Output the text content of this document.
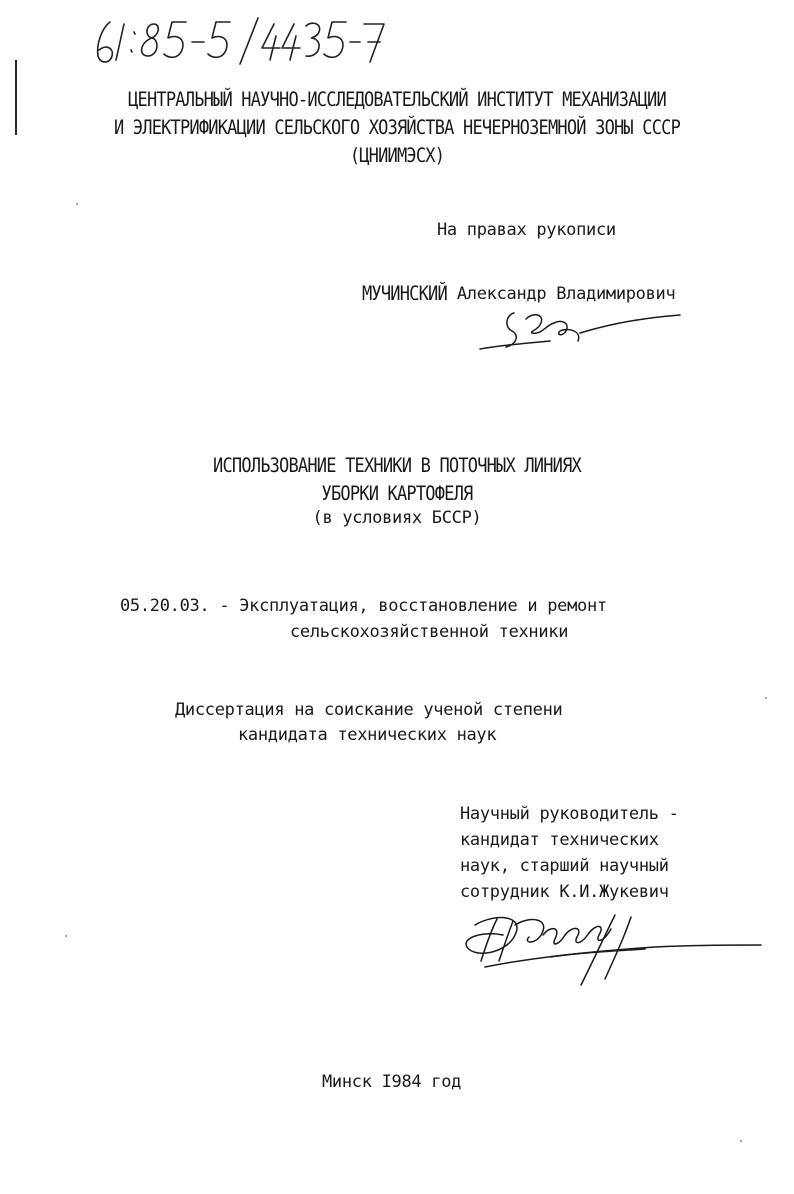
ЦЕНТРАЛЬНЫЙ НАУЧНО-ИССЛЕДОВАТЕЛЬСКИЙ ИНСТИТУТ МЕХАНИЗАЦИИ
И ЭЛЕКТРИФИКАЦИИ СЕЛЬСКОГО ХОЗЯЙСТВА НЕЧЕРНОЗЕМНОЙ ЗОНЫ СССР
(ЦНИИМЭСХ)
На правах рукописи
МУЧИНСКИЙ Александр Владимирович
ИСПОЛЬЗОВАНИЕ ТЕХНИКИ В ПОТОЧНЫХ ЛИНИЯХ
УБОРКИ КАРТОФЕЛЯ
(в условиях БССР)
05.20.03. - Эксплуатация, восстановление и ремонт
сельскохозяйственной техники
Диссертация на соискание ученой степени
кандидата технических наук
Научный руководитель -
кандидат технических
наук, старший научный
сотрудник К.И.Жукевич
Минск I984 год
